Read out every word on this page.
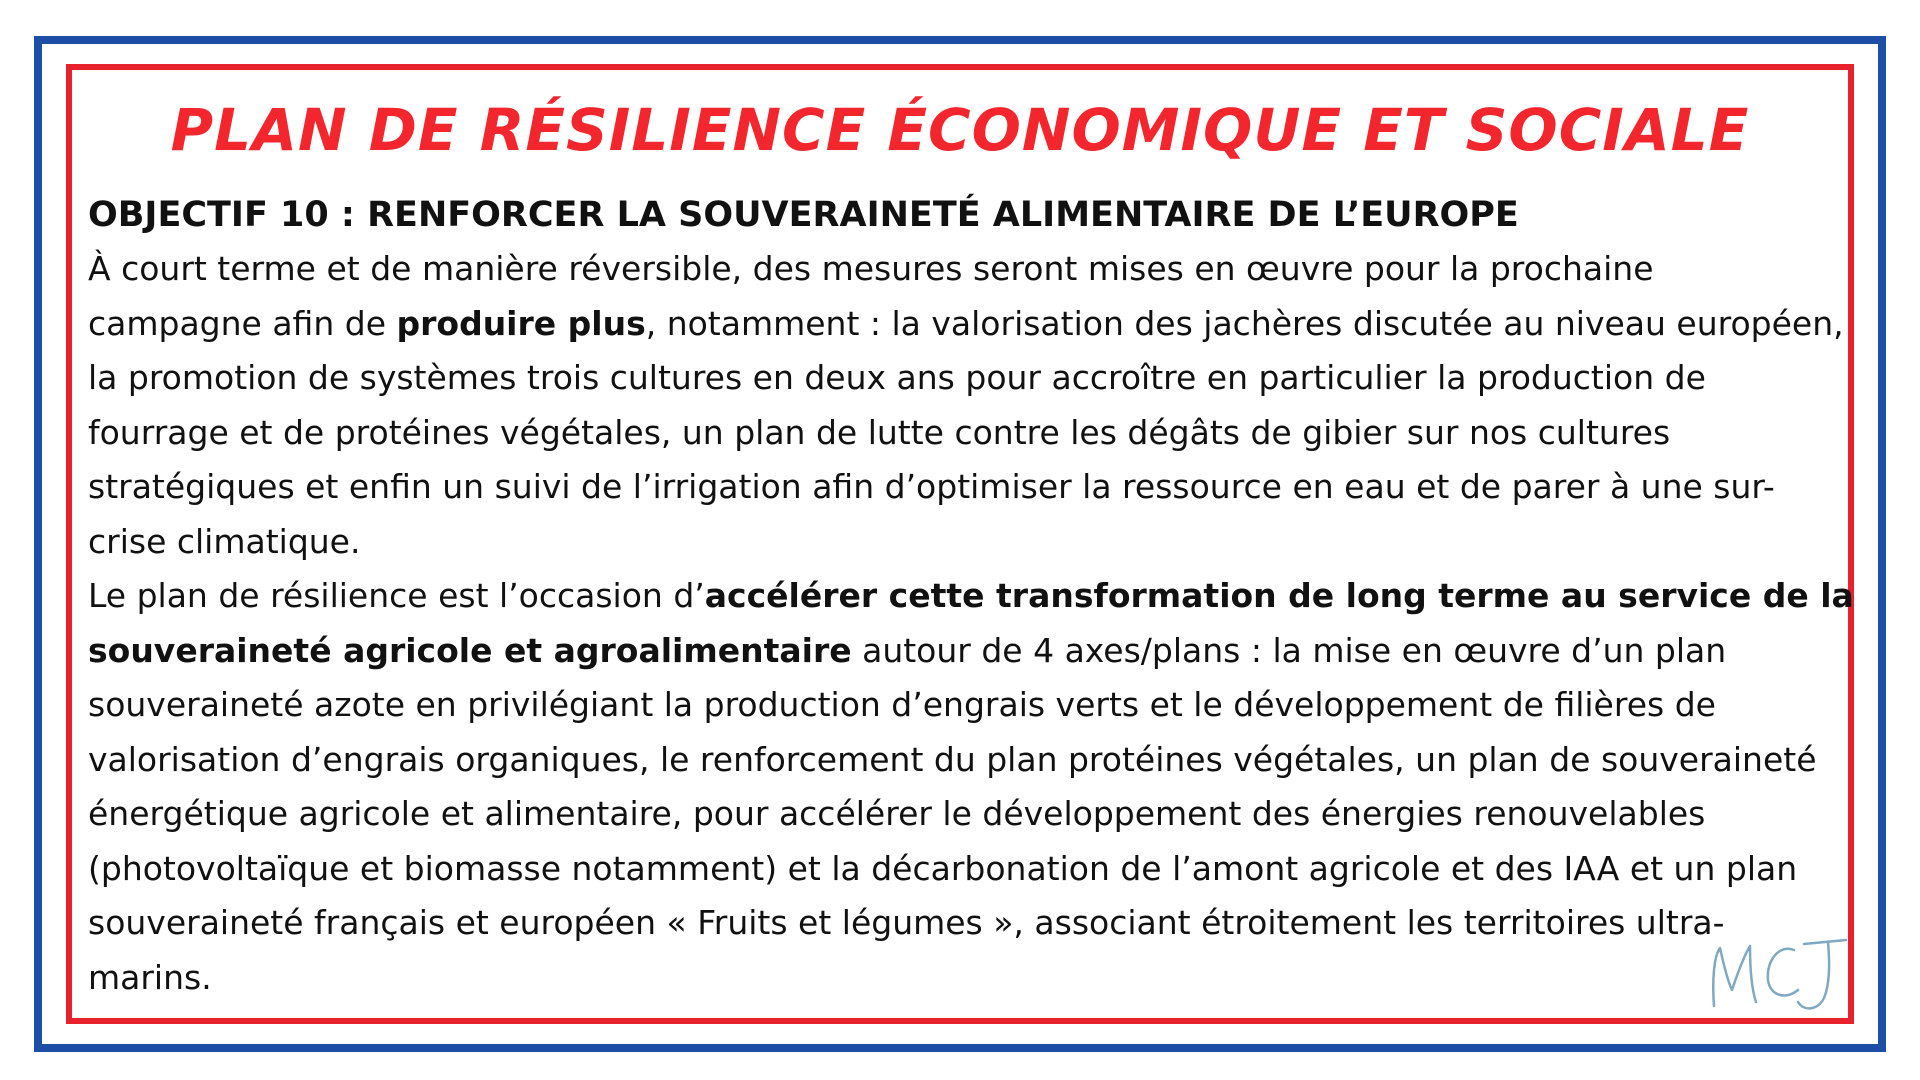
PLAN DE RÉSILIENCE ÉCONOMIQUE ET SOCIALE

OBJECTIF 10 : RENFORCER LA SOUVERAINETÉ ALIMENTAIRE DE L’EUROPE

À court terme et de manière réversible, des mesures seront mises en œuvre pour la prochaine
campagne afin de produire plus, notamment : la valorisation des jachères discutée au niveau européen,
la promotion de systèmes trois cultures en deux ans pour accroître en particulier la production de
fourrage et de protéines végétales, un plan de lutte contre les dégâts de gibier sur nos cultures
stratégiques et enfin un suivi de l’irrigation afin d’optimiser la ressource en eau et de parer à une sur-
crise climatique.

Le plan de résilience est l’occasion d’accélérer cette transformation de long terme au service de la
souveraineté agricole et agroalimentaire autour de 4 axes/plans : la mise en œuvre d’un plan
souveraineté azote en privilégiant la production d’engrais verts et le développement de filières de
valorisation d’engrais organiques, le renforcement du plan protéines végétales, un plan de souveraineté
énergétique agricole et alimentaire, pour accélérer le développement des énergies renouvelables
(photovoltaïque et biomasse notamment) et la décarbonation de l’amont agricole et des IAA et un plan
souveraineté français et européen « Fruits et légumes », associant étroitement les territoires ultra-
marins.
